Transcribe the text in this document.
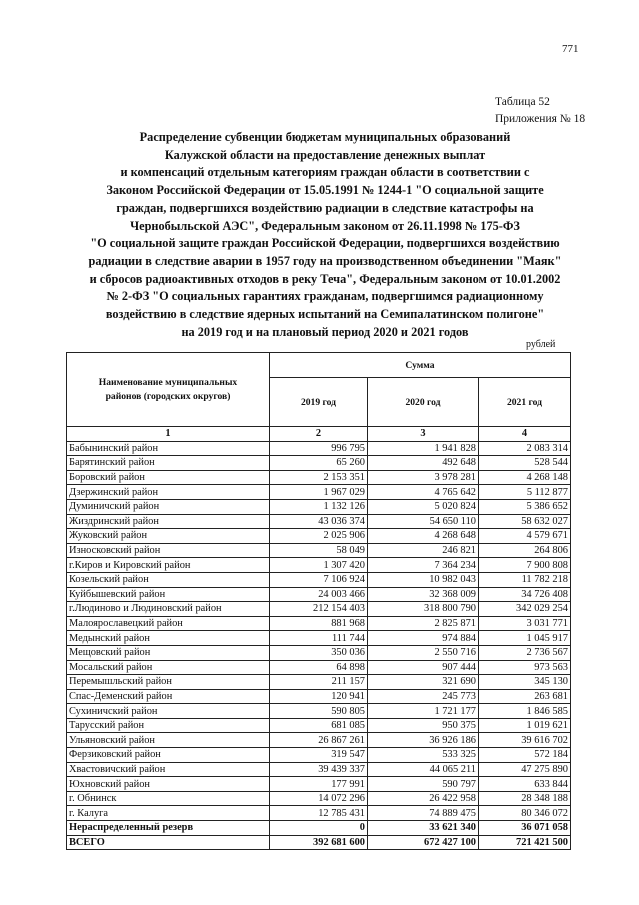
771
Таблица 52
Приложения № 18
Распределение субвенции бюджетам муниципальных образований
Калужской области на предоставление денежных выплат
и компенсаций отдельным категориям граждан области в соответствии с
Законом Российской Федерации от 15.05.1991 № 1244-1 "О социальной защите
граждан, подвергшихся воздействию радиации в следствие катастрофы на
Чернобыльской АЭС", Федеральным законом от 26.11.1998 № 175-ФЗ
"О социальной защите граждан Российской Федерации, подвергшихся воздействию
радиации в следствие аварии в 1957 году на производственном объединении "Маяк"
и сбросов радиоактивных отходов в реку Теча", Федеральным законом от 10.01.2002
№ 2-ФЗ "О социальных гарантиях гражданам, подвергшимся радиационному
воздействию в следствие ядерных испытаний на Семипалатинском полигоне"
на 2019 год и на плановый период 2020 и 2021 годов
рублей
Наименование муниципальных
районов (городских округов)	Сумма		
	2019 год	2020 год	2021 год
1	2	3	4
Бабынинский район	996 795	1 941 828	2 083 314
Барятинский район	65 260	492 648	528 544
Боровский район	2 153 351	3 978 281	4 268 148
Дзержинский район	1 967 029	4 765 642	5 112 877
Думиничский район	1 132 126	5 020 824	5 386 652
Жиздринский район	43 036 374	54 650 110	58 632 027
Жуковский район	2 025 906	4 268 648	4 579 671
Износковский район	58 049	246 821	264 806
г.Киров и Кировский район	1 307 420	7 364 234	7 900 808
Козельский район	7 106 924	10 982 043	11 782 218
Куйбышевский район	24 003 466	32 368 009	34 726 408
г.Людиново и Людиновский район	212 154 403	318 800 790	342 029 254
Малоярославецкий район	881 968	2 825 871	3 031 771
Медынский район	111 744	974 884	1 045 917
Мещовский район	350 036	2 550 716	2 736 567
Мосальский район	64 898	907 444	973 563
Перемышльский район	211 157	321 690	345 130
Спас-Деменский район	120 941	245 773	263 681
Сухиничский район	590 805	1 721 177	1 846 585
Тарусский район	681 085	950 375	1 019 621
Ульяновский район	26 867 261	36 926 186	39 616 702
Ферзиковский район	319 547	533 325	572 184
Хвастовичский район	39 439 337	44 065 211	47 275 890
Юхновский район	177 991	590 797	633 844
г. Обнинск	14 072 296	26 422 958	28 348 188
г. Калуга	12 785 431	74 889 475	80 346 072
Нераспределенный резерв	0	33 621 340	36 071 058
ВСЕГО	392 681 600	672 427 100	721 421 500
